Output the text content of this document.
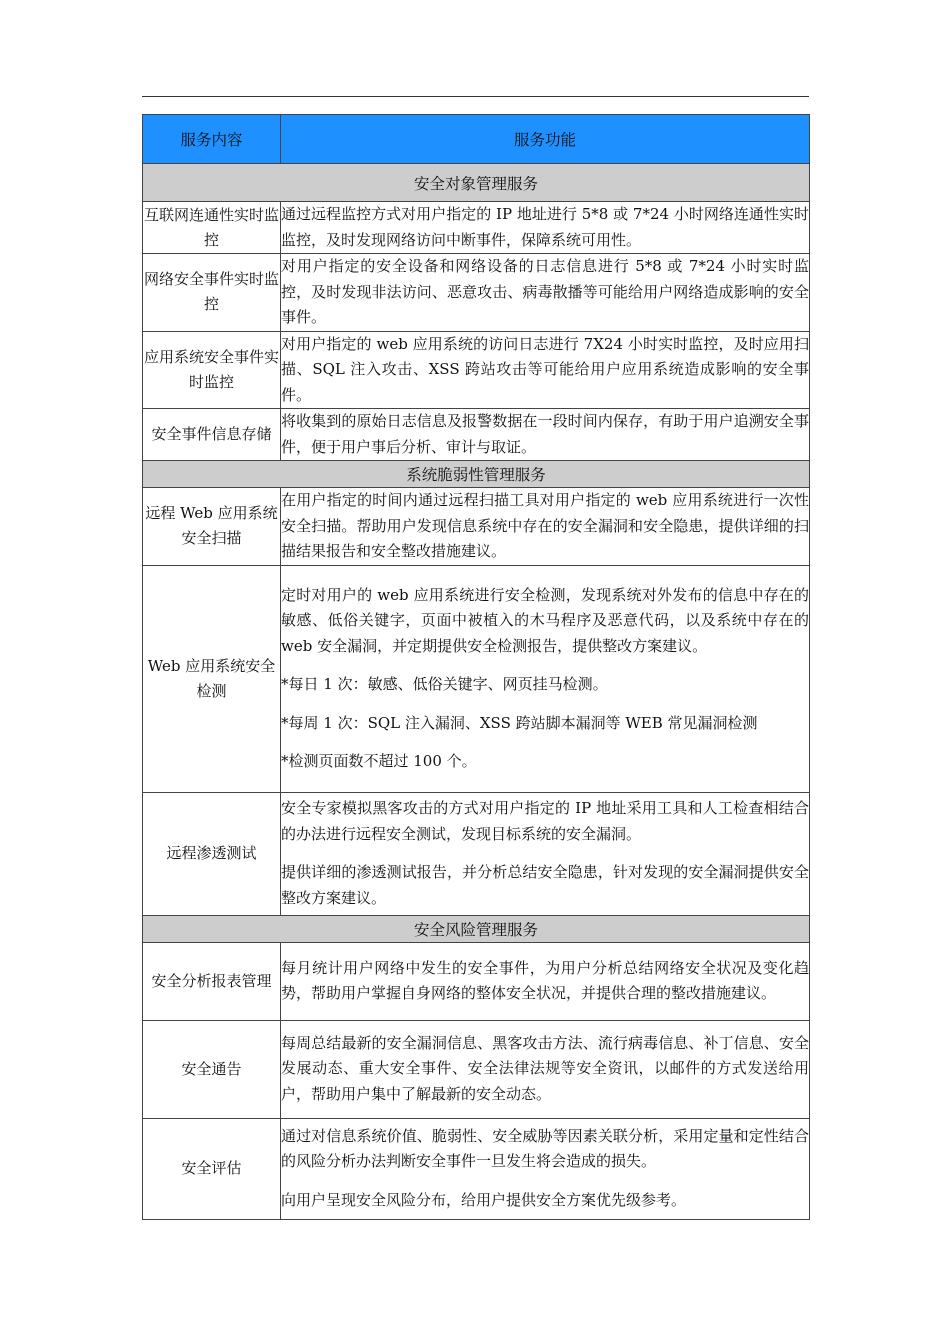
服务内容	服务功能
安全对象管理服务	
互联网连通性实时监控	通过远程监控方式对用户指定的 IP 地址进行 5*8 或 7*24 小时网络连通性实时监控，及时发现网络访问中断事件，保障系统可用性。

网络安全事件实时监控	对用户指定的安全设备和网络设备的日志信息进行 5*8 或 7*24 小时实时监控，及时发现非法访问、恶意攻击、病毒散播等可能给用户网络造成影响的安全事件。

应用系统安全事件实时监控	对用户指定的 web 应用系统的访问日志进行 7X24 小时实时监控，及时应用扫描、SQL 注入攻击、XSS 跨站攻击等可能给用户应用系统造成影响的安全事件。

安全事件信息存储	将收集到的原始日志信息及报警数据在一段时间内保存，有助于用户追溯安全事件，便于用户事后分析、审计与取证。

系统脆弱性管理服务	
远程 Web 应用系统安全扫描	在用户指定的时间内通过远程扫描工具对用户指定的 web 应用系统进行一次性安全扫描。帮助用户发现信息系统中存在的安全漏洞和安全隐患，提供详细的扫描结果报告和安全整改措施建议。

Web 应用系统安全检测	定时对用户的 web 应用系统进行安全检测，发现系统对外发布的信息中存在的敏感、低俗关键字，页面中被植入的木马程序及恶意代码，以及系统中存在的 web 安全漏洞，并定期提供安全检测报告，提供整改方案建议。

*每日 1 次：敏感、低俗关键字、网页挂马检测。

*每周 1 次：SQL 注入漏洞、XSS 跨站脚本漏洞等 WEB 常见漏洞检测

*检测页面数不超过 100 个。

远程渗透测试	安全专家模拟黑客攻击的方式对用户指定的 IP 地址采用工具和人工检查相结合的办法进行远程安全测试，发现目标系统的安全漏洞。

提供详细的渗透测试报告，并分析总结安全隐患，针对发现的安全漏洞提供安全整改方案建议。

安全风险管理服务	
安全分析报表管理	每月统计用户网络中发生的安全事件，为用户分析总结网络安全状况及变化趋势，帮助用户掌握自身网络的整体安全状况，并提供合理的整改措施建议。

安全通告	每周总结最新的安全漏洞信息、黑客攻击方法、流行病毒信息、补丁信息、安全发展动态、重大安全事件、安全法律法规等安全资讯，以邮件的方式发送给用户，帮助用户集中了解最新的安全动态。

安全评估	通过对信息系统价值、脆弱性、安全威胁等因素关联分析，采用定量和定性结合的风险分析办法判断安全事件一旦发生将会造成的损失。

向用户呈现安全风险分布，给用户提供安全方案优先级参考。
